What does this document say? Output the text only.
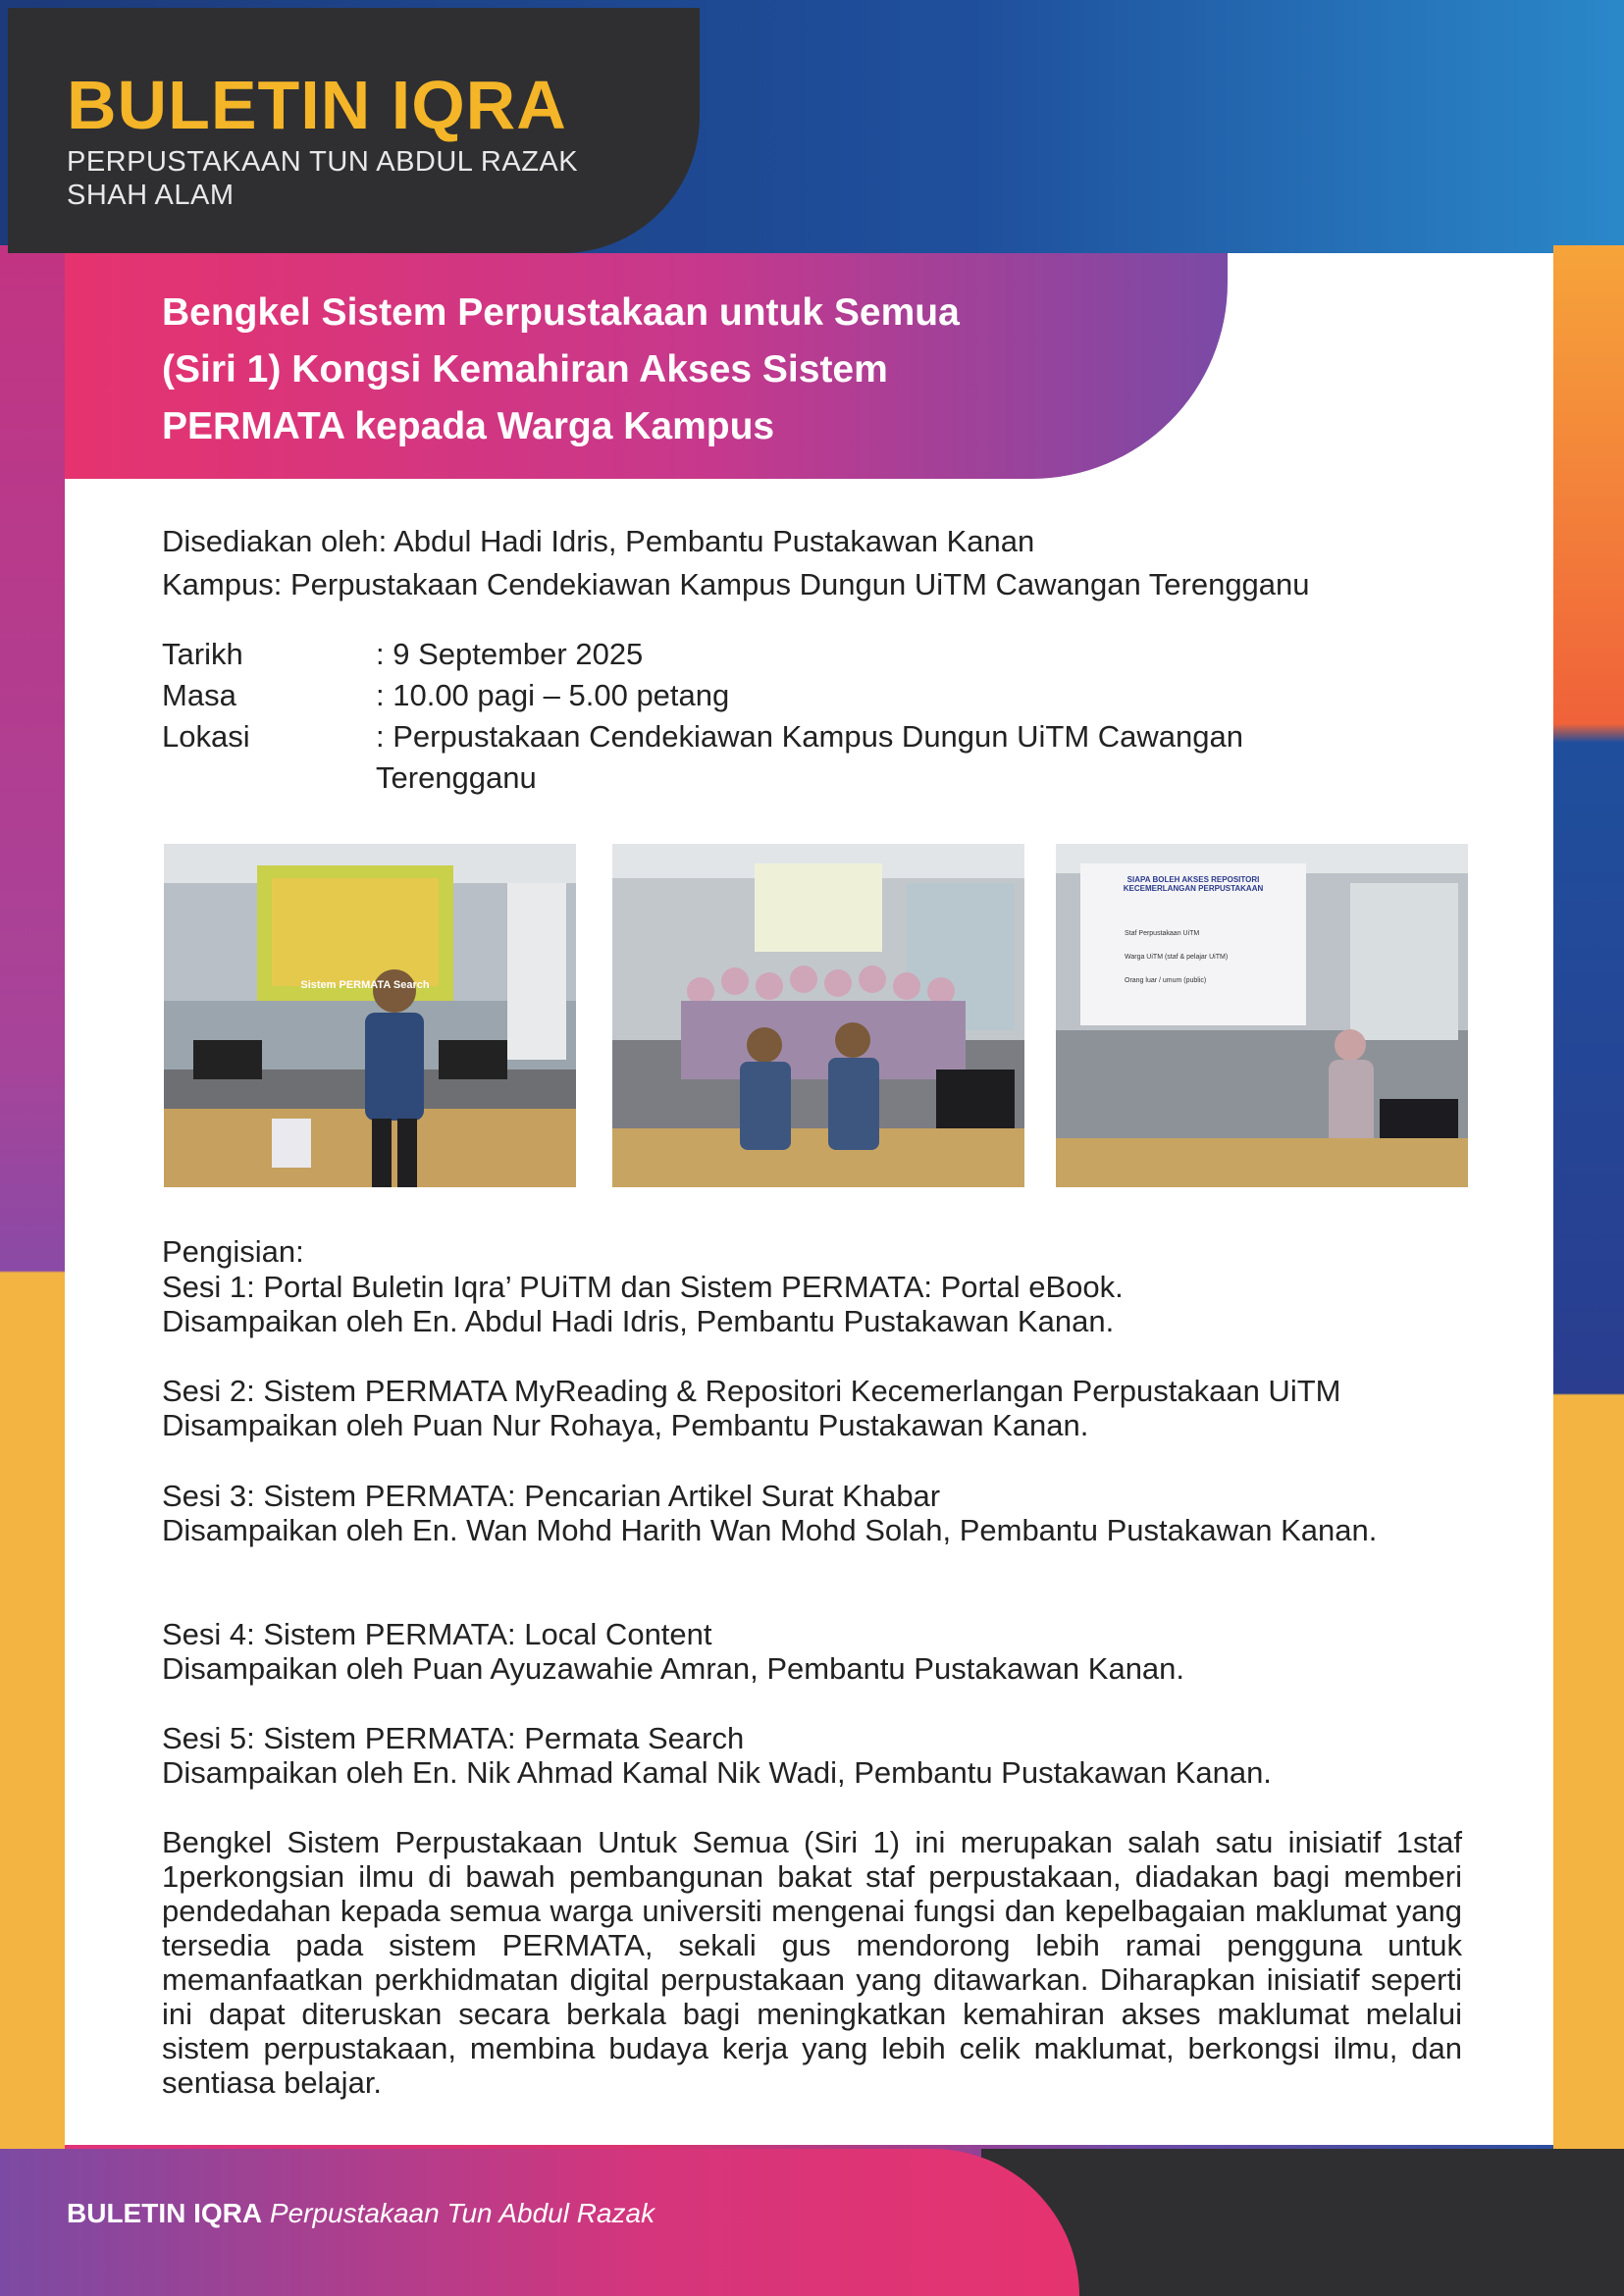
BULETIN IQRA
PERPUSTAKAAN TUN ABDUL RAZAK
SHAH ALAM
Bengkel Sistem Perpustakaan untuk Semua
(Siri 1) Kongsi Kemahiran Akses Sistem
PERMATA kepada Warga Kampus
Disediakan oleh: Abdul Hadi Idris, Pembantu Pustakawan Kanan
Kampus: Perpustakaan Cendekiawan Kampus Dungun UiTM Cawangan Terengganu
Tarikh	: 9 September 2025
Masa	: 10.00 pagi – 5.00 petang
Lokasi	: Perpustakaan Cendekiawan Kampus Dungun UiTM Cawangan Terengganu
Sistem PERMATA Search
SIAPA BOLEH AKSES REPOSITORI KECEMERLANGAN PERPUSTAKAAN
Staf Perpustakaan UiTM
Warga UiTM (staf & pelajar UiTM)
Orang luar / umum (public)
Pengisian:
Sesi 1: Portal Buletin Iqra’ PUiTM dan Sistem PERMATA: Portal eBook.
Disampaikan oleh En. Abdul Hadi Idris, Pembantu Pustakawan Kanan.
Sesi 2: Sistem PERMATA MyReading & Repositori Kecemerlangan Perpustakaan UiTM
Disampaikan oleh Puan Nur Rohaya, Pembantu Pustakawan Kanan.
Sesi 3: Sistem PERMATA: Pencarian Artikel Surat Khabar
Disampaikan oleh En. Wan Mohd Harith Wan Mohd Solah, Pembantu Pustakawan Kanan.
Sesi 4: Sistem PERMATA: Local Content
Disampaikan oleh Puan Ayuzawahie Amran, Pembantu Pustakawan Kanan.
Sesi 5: Sistem PERMATA: Permata Search
Disampaikan oleh En. Nik Ahmad Kamal Nik Wadi, Pembantu Pustakawan Kanan.
Bengkel Sistem Perpustakaan Untuk Semua (Siri 1) ini merupakan salah satu inisiatif 1staf 1perkongsian ilmu di bawah pembangunan bakat staf perpustakaan, diadakan bagi memberi pendedahan kepada semua warga universiti mengenai fungsi dan kepelbagaian maklumat yang tersedia pada sistem PERMATA, sekali gus mendorong lebih ramai pengguna untuk memanfaatkan perkhidmatan digital perpustakaan yang ditawarkan. Diharapkan inisiatif seperti ini dapat diteruskan secara berkala bagi meningkatkan kemahiran akses maklumat melalui sistem perpustakaan, membina budaya kerja yang lebih celik maklumat, berkongsi ilmu, dan sentiasa belajar.
BULETIN IQRA Perpustakaan Tun Abdul Razak
